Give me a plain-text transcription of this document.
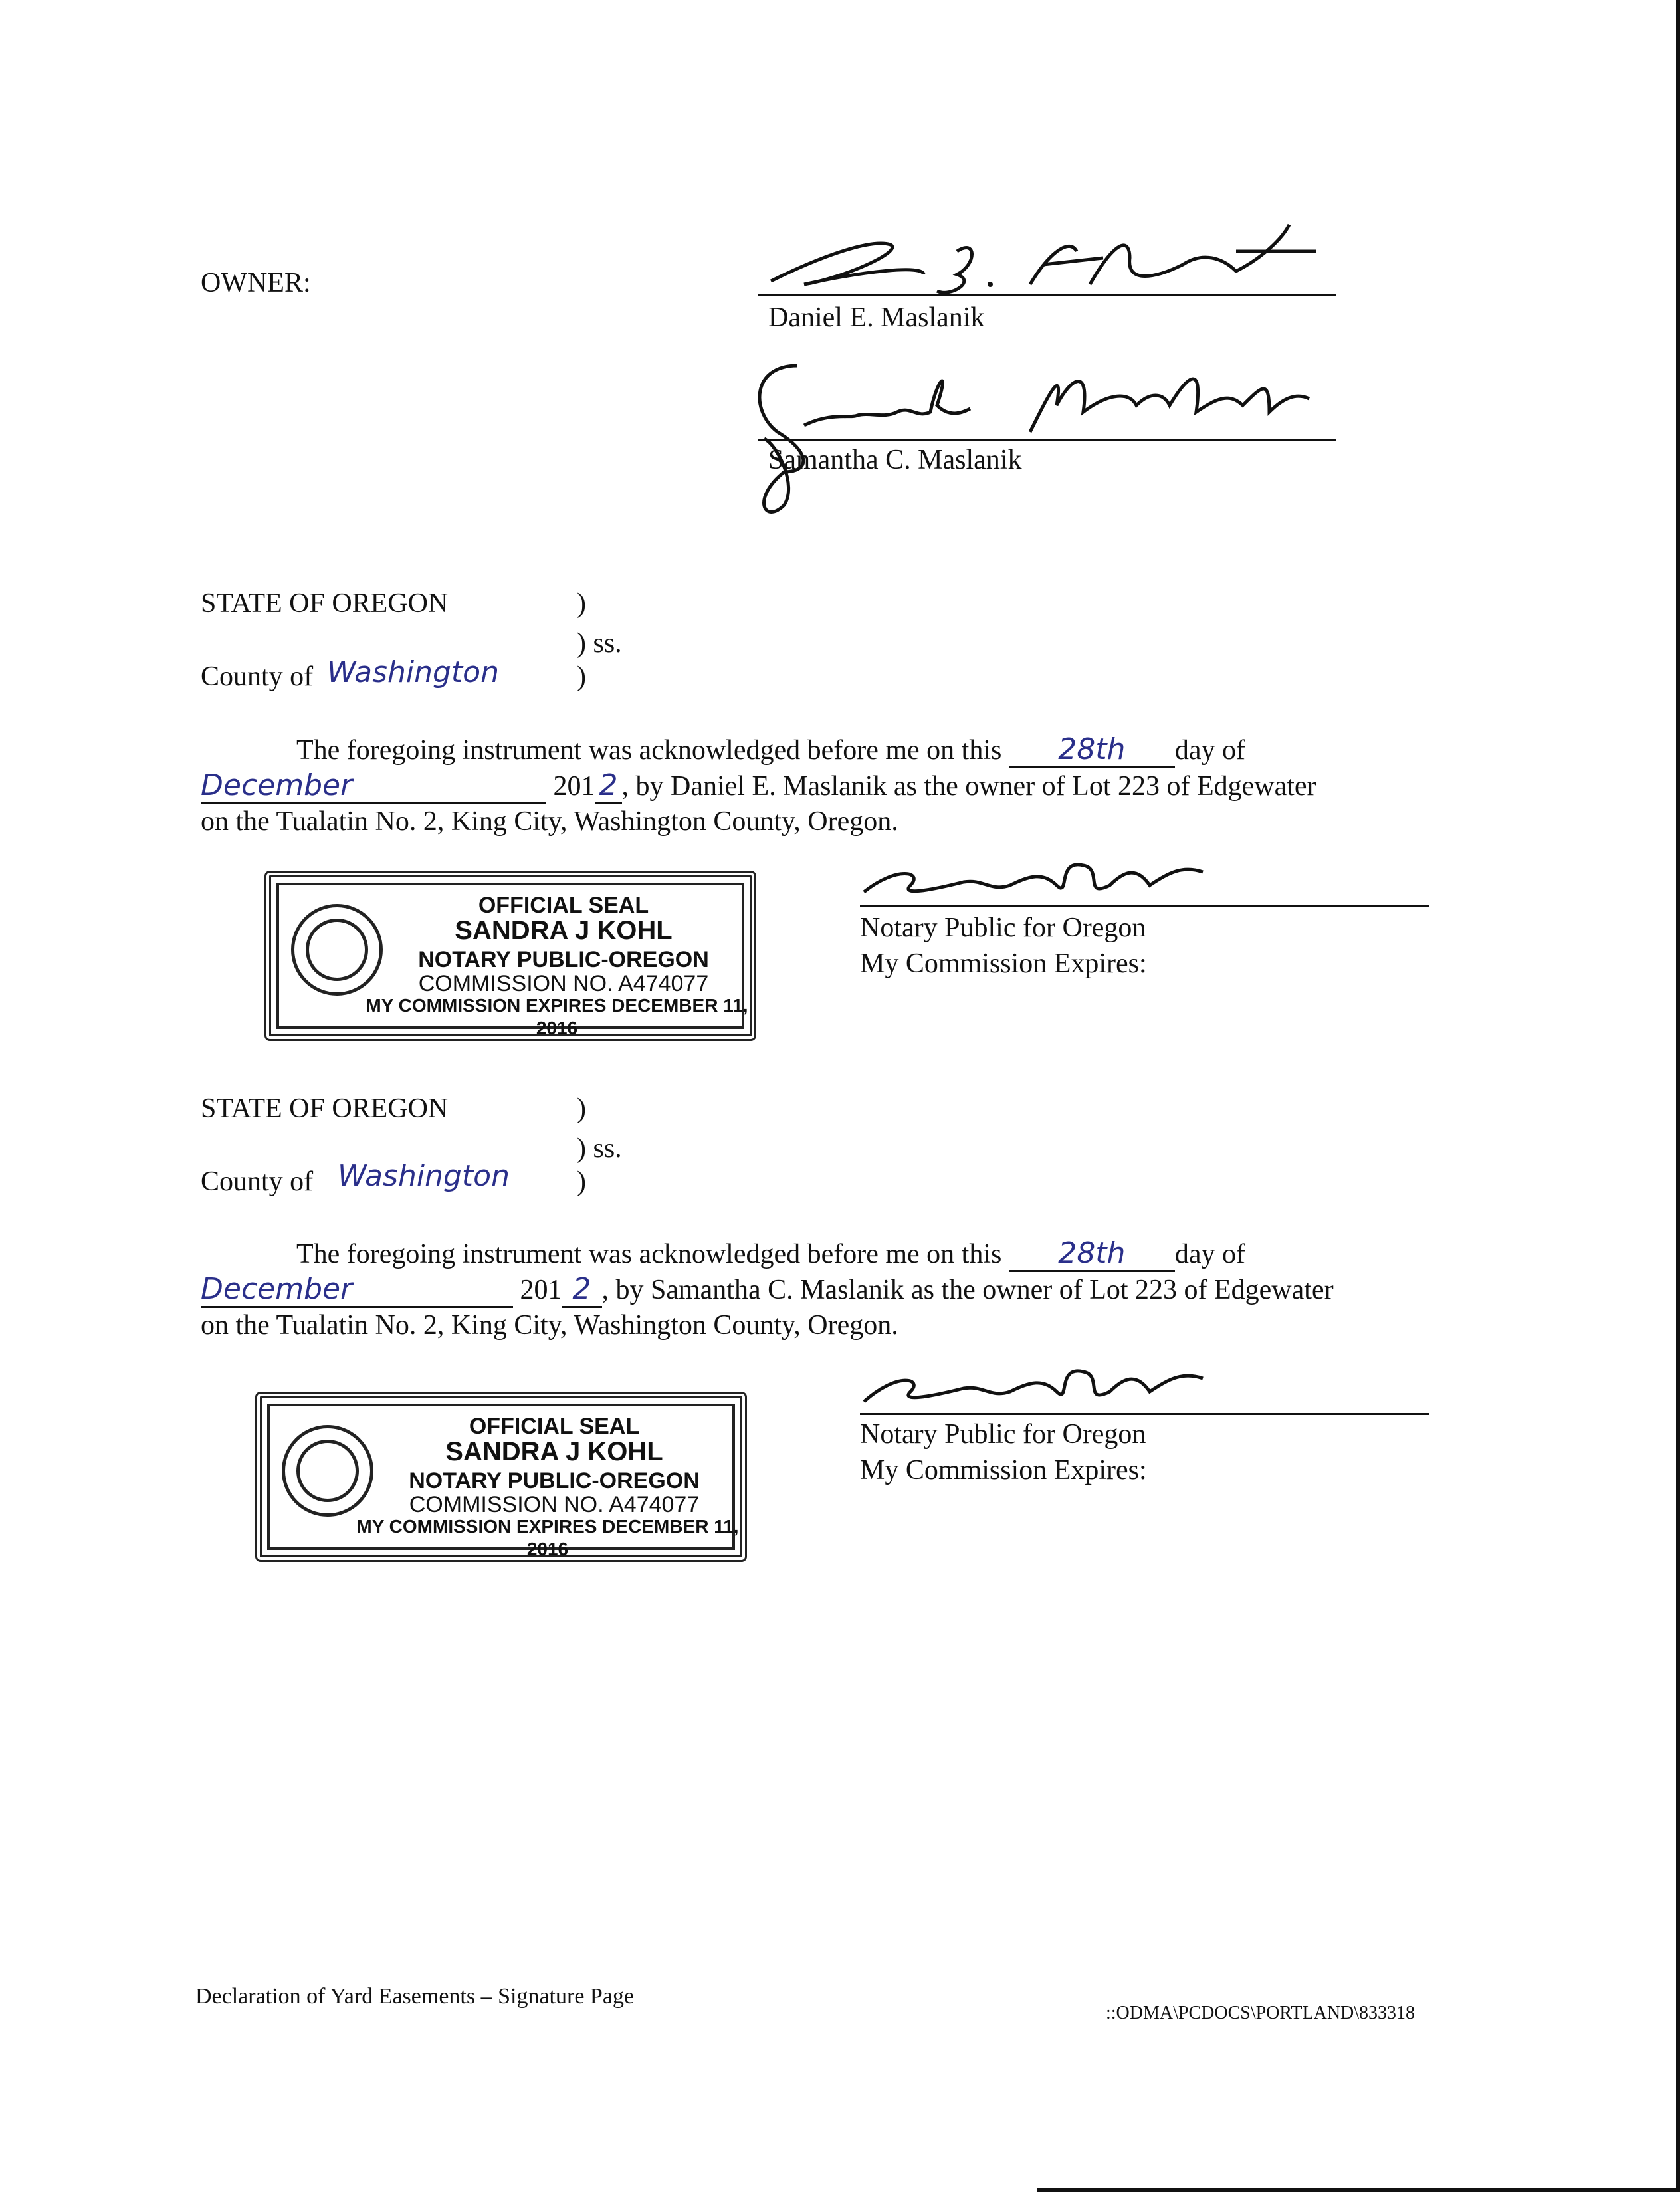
OWNER:
Daniel E. Maslanik
Samantha C. Maslanik
STATE OF OREGON	)
) ss.
County of Washington	)
The foregoing instrument was acknowledged before me on this 28th day of
December	201 2 , by Daniel E. Maslanik as the owner of Lot 223 of Edgewater
on the Tualatin No. 2, King City, Washington County, Oregon.
OFFICIAL SEAL
SANDRA J KOHL
NOTARY PUBLIC-OREGON
COMMISSION NO. A474077
MY COMMISSION EXPIRES DECEMBER 11, 2016
Notary Public for Oregon
My Commission Expires:
STATE OF OREGON	)
) ss.
County of Washington )
The foregoing instrument was acknowledged before me on this 28th day of
December	201 2 , by Samantha C. Maslanik as the owner of Lot 223 of Edgewater
on the Tualatin No. 2, King City, Washington County, Oregon.
OFFICIAL SEAL
SANDRA J KOHL
NOTARY PUBLIC-OREGON
COMMISSION NO. A474077
MY COMMISSION EXPIRES DECEMBER 11, 2016
Notary Public for Oregon
My Commission Expires:
Declaration of Yard Easements – Signature Page
::ODMA\PCDOCS\PORTLAND\833318
